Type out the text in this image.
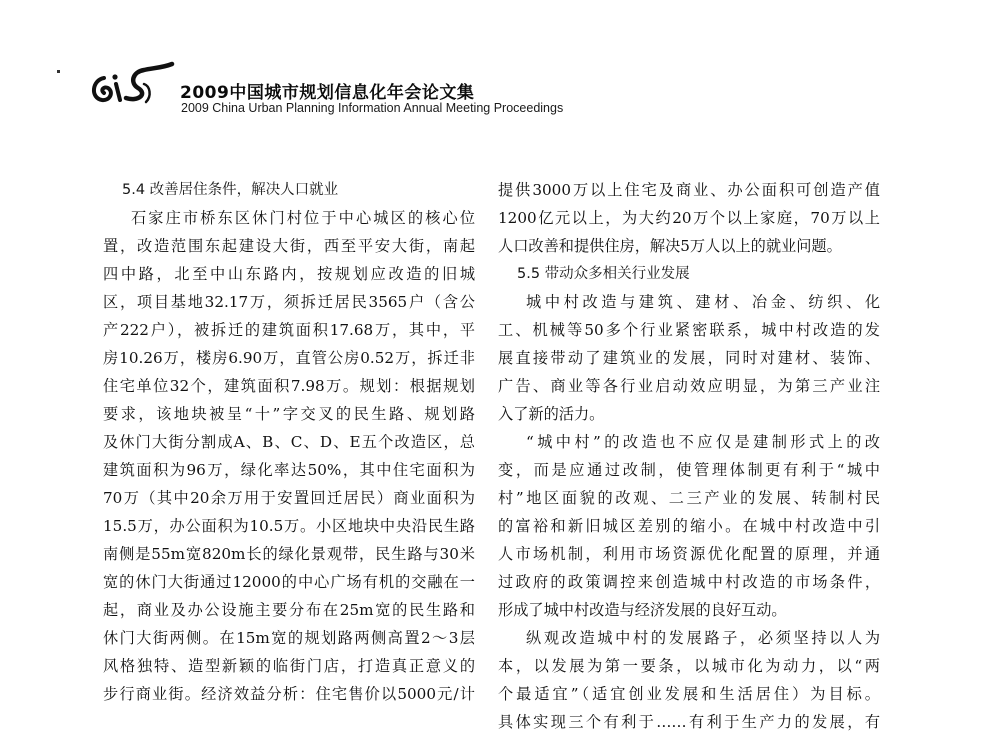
2009中国城市规划信息化年会论文集
2009 China Urban Planning Information Annual Meeting Proceedings
5.4 改善居住条件，解决人口就业
石家庄市桥东区休门村位于中心城区的核心位
置，改造范围东起建设大街，西至平安大街，南起
四中路，北至中山东路内，按规划应改造的旧城
区，项目基地32.17万，须拆迁居民3565户（含公
产222户），被拆迁的建筑面积17.68万，其中，平
房10.26万，楼房6.90万，直管公房0.52万，拆迁非
住宅单位32个，建筑面积7.98万。规划：根据规划
要求，该地块被呈“十”字交叉的民生路、规划路
及休门大街分割成A、B、C、D、E五个改造区，总
建筑面积为96万，绿化率达50%，其中住宅面积为
70万（其中20余万用于安置回迁居民）商业面积为
15.5万，办公面积为10.5万。小区地块中央沿民生路
南侧是55m宽820m长的绿化景观带，民生路与30米
宽的休门大街通过12000的中心广场有机的交融在一
起，商业及办公设施主要分布在25m宽的民生路和
休门大街两侧。在15m宽的规划路两侧高置2～3层
风格独特、造型新颖的临街门店，打造真正意义的
步行商业街。经济效益分析：住宅售价以5000元/计
提供3000万以上住宅及商业、办公面积可创造产值
1200亿元以上，为大约20万个以上家庭，70万以上
人口改善和提供住房，解决5万人以上的就业问题。
5.5 带动众多相关行业发展
城中村改造与建筑、建材、冶金、纺织、化
工、机械等50多个行业紧密联系，城中村改造的发
展直接带动了建筑业的发展，同时对建材、装饰、
广告、商业等各行业启动效应明显，为第三产业注
入了新的活力。
“城中村”的改造也不应仅是建制形式上的改
变，而是应通过改制，使管理体制更有利于“城中
村”地区面貌的改观、二三产业的发展、转制村民
的富裕和新旧城区差别的缩小。在城中村改造中引
人市场机制，利用市场资源优化配置的原理，并通
过政府的政策调控来创造城中村改造的市场条件，
形成了城中村改造与经济发展的良好互动。
纵观改造城中村的发展路子，必须坚持以人为
本，以发展为第一要条，以城市化为动力，以“两
个最适宜”（适宜创业发展和生活居住）为目标。
具体实现三个有利于……有利于生产力的发展，有
